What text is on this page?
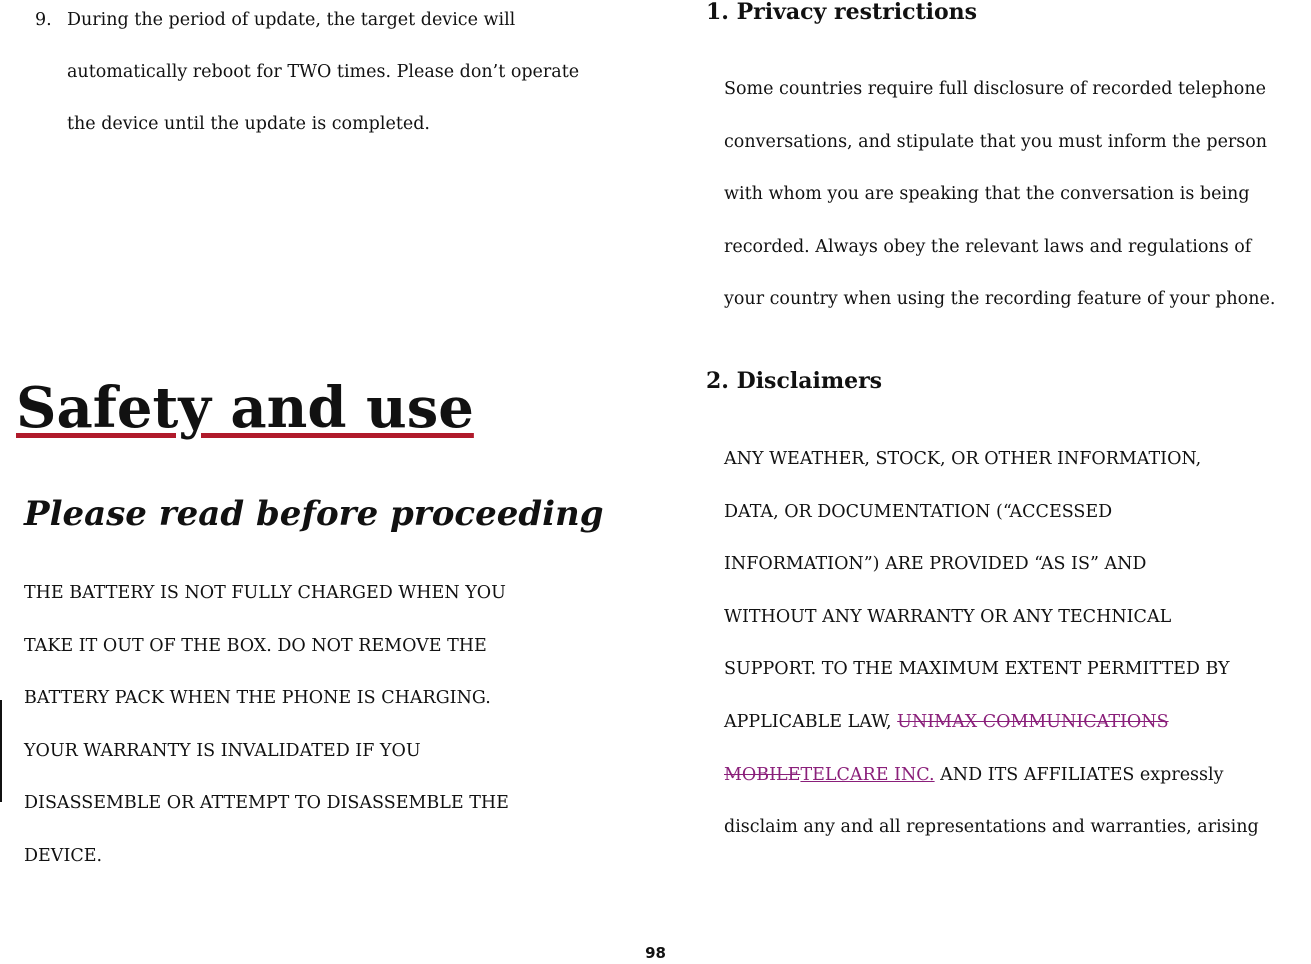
9. During the period of update, the target device will
automatically reboot for TWO times. Please don’t operate
the device until the update is completed.
Safety and use
Please read before proceeding
THE BATTERY IS NOT FULLY CHARGED WHEN YOU
TAKE IT OUT OF THE BOX. DO NOT REMOVE THE
BATTERY PACK WHEN THE PHONE IS CHARGING.
YOUR WARRANTY IS INVALIDATED IF YOU
DISASSEMBLE OR ATTEMPT TO DISASSEMBLE THE
DEVICE.
1. Privacy restrictions
Some countries require full disclosure of recorded telephone
conversations, and stipulate that you must inform the person
with whom you are speaking that the conversation is being
recorded. Always obey the relevant laws and regulations of
your country when using the recording feature of your phone.
2. Disclaimers
ANY WEATHER, STOCK, OR OTHER INFORMATION,
DATA, OR DOCUMENTATION (“ACCESSED
INFORMATION”) ARE PROVIDED “AS IS” AND
WITHOUT ANY WARRANTY OR ANY TECHNICAL
SUPPORT. TO THE MAXIMUM EXTENT PERMITTED BY
APPLICABLE LAW, UNIMAX COMMUNICATIONS
MOBILETELCARE INC. AND ITS AFFILIATES expressly
disclaim any and all representations and warranties, arising
98
